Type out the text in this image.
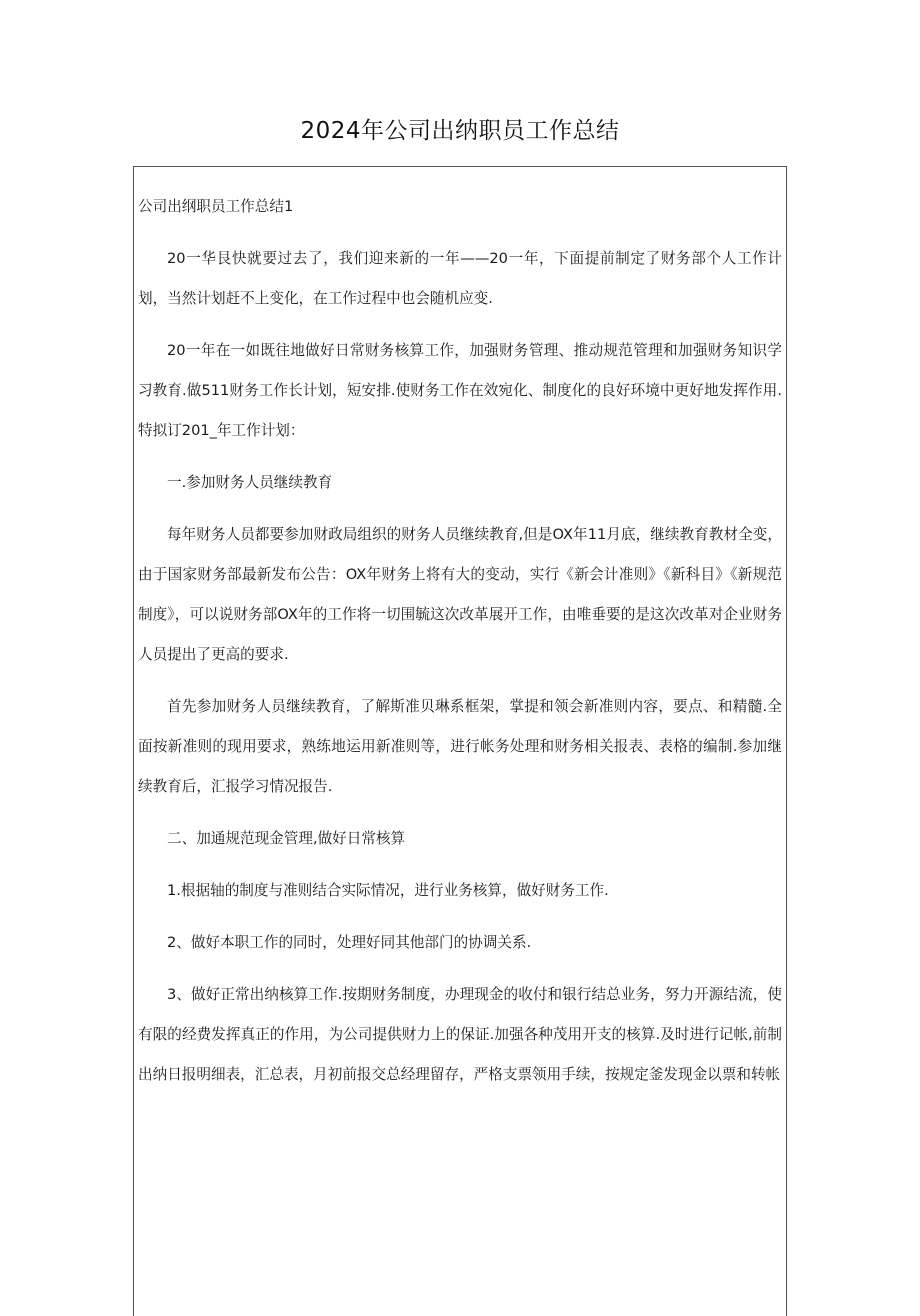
2024年公司出纳职员工作总结

公司出纲职员工作总结1

20一华艮快就要过去了，我们迎来新的一年——20一年，下面提前制定了财务部个人工作计划，当然计划赶不上变化，在工作过程中也会随机应变.

20一年在一如既往地做好日常财务核算工作，加强财务管理、推动规范管理和加强财务知识学习教育.做511财务工作长计划，短安排.使财务工作在效宛化、制度化的良好环境中更好地发挥作用.特拟订201_年工作计划：

一.参加财务人员继续教育

每年财务人员都要参加财政局组织的财务人员继续教育,但是OX年11月底，继续教育教材全变，由于国家财务部最新发布公告：OX年财务上将有大的变动，实行《新会计准则》《新科目》《新规范制度》，可以说财务部OX年的工作将一切围毓这次改革展开工作，由唯垂要的是这次改革对企业财务人员提出了更高的要求.

首先参加财务人员继续教育，了解斯准贝琳系框架，掌提和领会新准则内容，要点、和精髓.全面按新准则的现用要求，熟练地运用新准则等，进行帐务处理和财务相关报表、表格的编制.参加继续教育后，汇报学习情况报告.

二、加通规范现金管理,做好日常核算

1.根据轴的制度与准则结合实际情况，进行业务核算，做好财务工作.

2、做好本职工作的同时，处理好同其他部门的协调关系.

3、做好正常出纳核算工作.按期财务制度，办理现金的收付和银行结总业务，努力开源结流，使有限的经费发挥真正的作用，为公司提供财力上的保证.加强各种茂用开支的核算.及时进行记帐,前制出纳日报明细表，汇总表，月初前报交总经理留存，严格支票领用手续，按规定釜发现金以票和转帐
